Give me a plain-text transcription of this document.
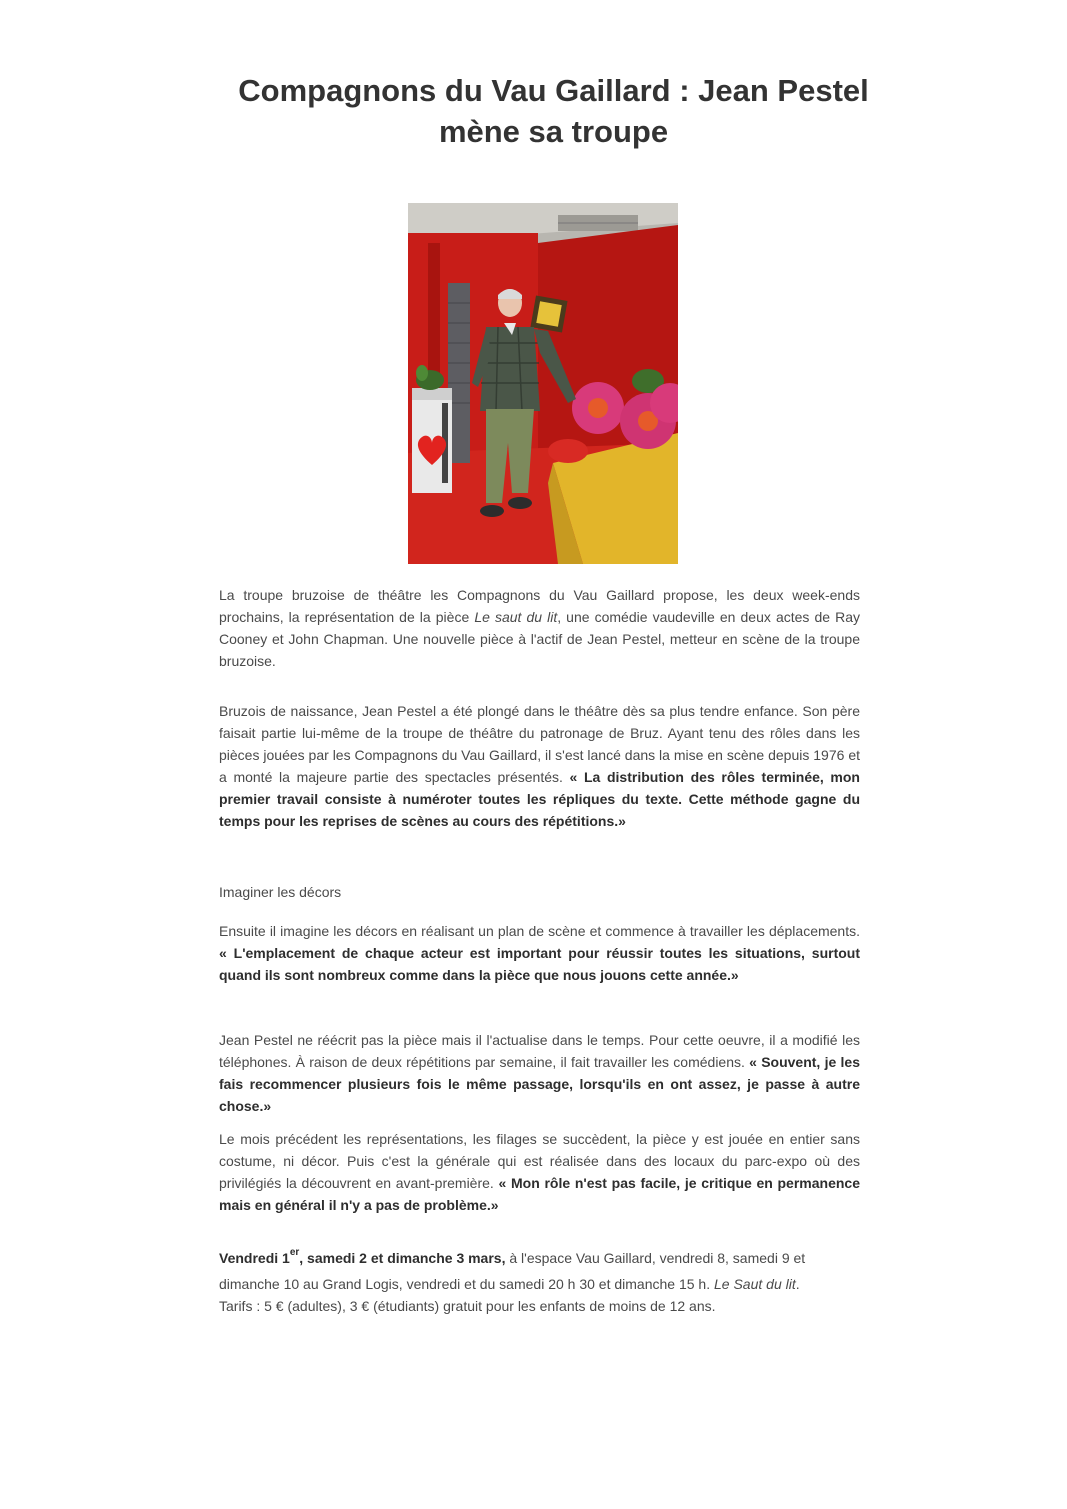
Compagnons du Vau Gaillard : Jean Pestel mène sa troupe

La troupe bruzoise de théâtre les Compagnons du Vau Gaillard propose, les deux week-ends prochains, la représentation de la pièce Le saut du lit, une comédie vaudeville en deux actes de Ray Cooney et John Chapman. Une nouvelle pièce à l'actif de Jean Pestel, metteur en scène de la troupe bruzoise.

Bruzois de naissance, Jean Pestel a été plongé dans le théâtre dès sa plus tendre enfance. Son père faisait partie lui-même de la troupe de théâtre du patronage de Bruz. Ayant tenu des rôles dans les pièces jouées par les Compagnons du Vau Gaillard, il s'est lancé dans la mise en scène depuis 1976 et a monté la majeure partie des spectacles présentés. « La distribution des rôles terminée, mon premier travail consiste à numéroter toutes les répliques du texte. Cette méthode gagne du temps pour les reprises de scènes au cours des répétitions.»

Imaginer les décors

Ensuite il imagine les décors en réalisant un plan de scène et commence à travailler les déplacements. « L'emplacement de chaque acteur est important pour réussir toutes les situations, surtout quand ils sont nombreux comme dans la pièce que nous jouons cette année.»

Jean Pestel ne réécrit pas la pièce mais il l'actualise dans le temps. Pour cette oeuvre, il a modifié les téléphones. À raison de deux répétitions par semaine, il fait travailler les comédiens. « Souvent, je les fais recommencer plusieurs fois le même passage, lorsqu'ils en ont assez, je passe à autre chose.»

Le mois précédent les représentations, les filages se succèdent, la pièce y est jouée en entier sans costume, ni décor. Puis c'est la générale qui est réalisée dans des locaux du parc-expo où des privilégiés la découvrent en avant-première. « Mon rôle n'est pas facile, je critique en permanence mais en général il n'y a pas de problème.»

Vendredi 1er, samedi 2 et dimanche 3 mars, à l'espace Vau Gaillard, vendredi 8, samedi 9 et
dimanche 10 au Grand Logis, vendredi et du samedi 20 h 30 et dimanche 15 h. Le Saut du lit.
Tarifs : 5 € (adultes), 3 € (étudiants) gratuit pour les enfants de moins de 12 ans.
